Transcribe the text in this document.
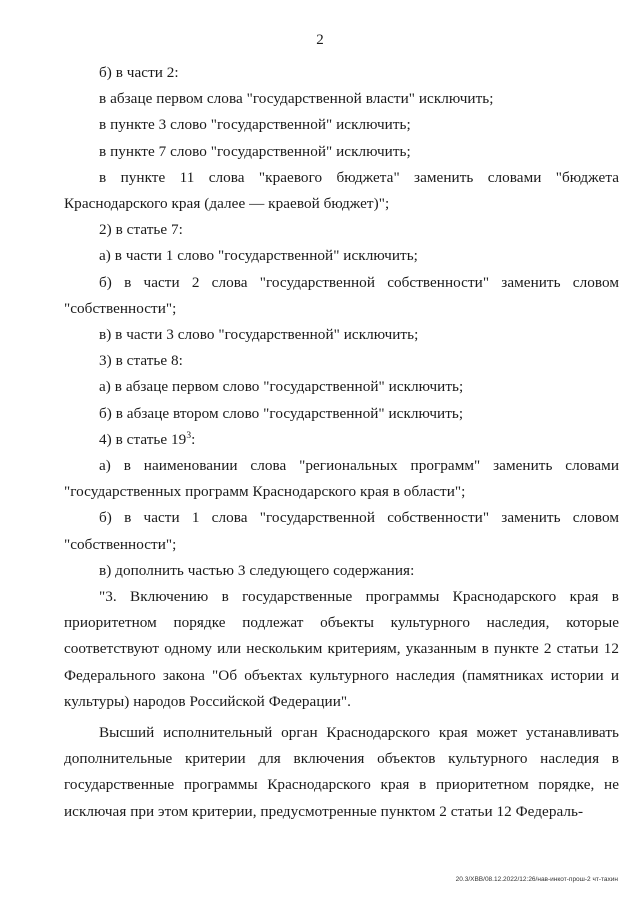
2

б) в части 2:

в абзаце первом слова "государственной власти" исключить;

в пункте 3 слово "государственной" исключить;

в пункте 7 слово "государственной" исключить;

в пункте 11 слова "краевого бюджета" заменить словами "бюджета Краснодарского края (далее — краевой бюджет)";

2) в статье 7:

а) в части 1 слово "государственной" исключить;

б) в части 2 слова "государственной собственности" заменить словом "собственности";

в) в части 3 слово "государственной" исключить;

3) в статье 8:

а) в абзаце первом слово "государственной" исключить;

б) в абзаце втором слово "государственной" исключить;

4) в статье $19^3$:

а) в наименовании слова "региональных программ" заменить словами "государственных программ Краснодарского края в области";

б) в части 1 слова "государственной собственности" заменить словом "собственности";

в) дополнить частью 3 следующего содержания:

"3. Включению в государственные программы Краснодарского края в приоритетном порядке подлежат объекты культурного наследия, которые соответствуют одному или нескольким критериям, указанным в пункте 2 статьи 12 Федерального закона "Об объектах культурного наследия (памятниках истории и культуры) народов Российской Федерации".

Высший исполнительный орган Краснодарского края может устанавливать дополнительные критерии для включения объектов культурного наследия в государственные программы Краснодарского края в приоритетном порядке, не исключая при этом критерии, предусмотренные пунктом 2 статьи 12 Федераль-

20.3/ХВВ/08.12.2022/12:26/нав-инкот-прош-2 чт-тахин
